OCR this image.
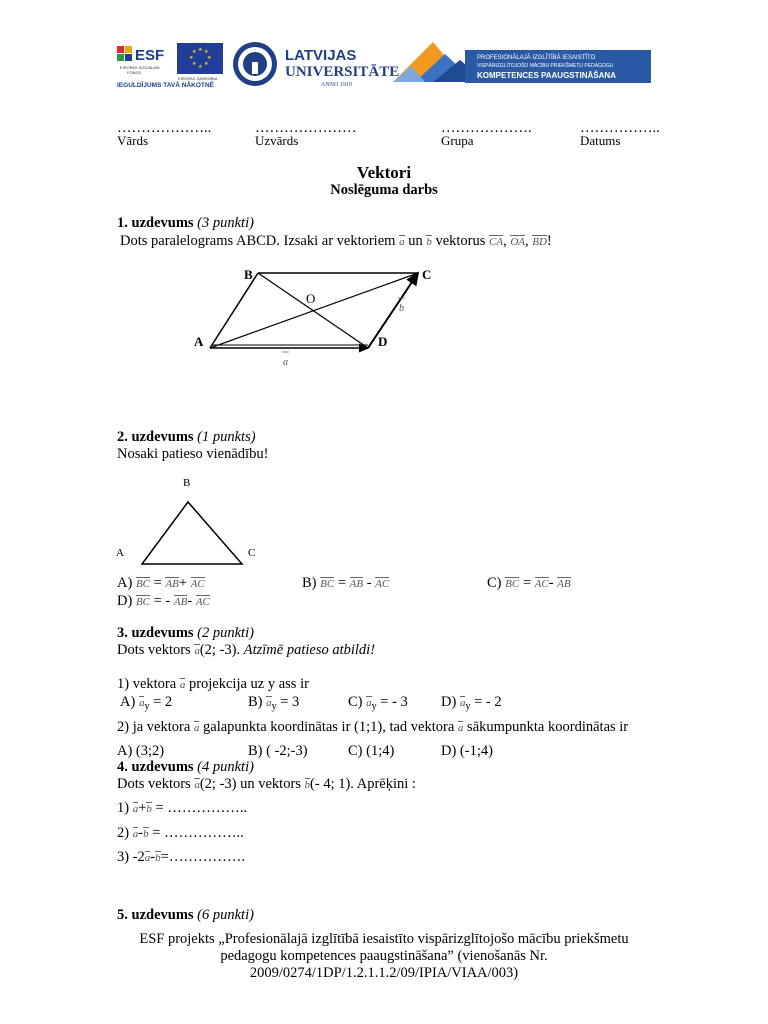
ESF
EIROPAS SOCIĀLAIS
FONDS
★ ★
★
★
★
★
★
★
EIROPAS SAVIENĪBA
IEGULDĪJUMS TAVĀ NĀKOTNĒ
LATVIJAS
UNIVERSITĀTE
ANNO 1919
PROFESIONĀLAJĀ IZGLĪTĪBĀ IESAISTĪTO
VISPĀRIZGLĪTOJOŠO MĀCĪBU PRIEKŠMETU PEDAGOGU
KOMPETENCES PAAUGSTINĀŠANA
………………..
Vārds
…………………
Uzvārds
……………….
Grupa
……………..
Datums
Vektori
Noslēguma darbs
1. uzdevums (3 punkti)
Dots paralelograms ABCD. Izsaki ar vektoriem a un b vektorus CA, OA, BD!
B	C
A	D
O
b
a
2. uzdevums (1 punkts)
Nosaki patieso vienādību!
B
A	C
A) BC = AB+ AC	B) BC = AB - AC	C) BC = AC- AB
D) BC = - AB- AC
3. uzdevums (2 punkti)
Dots vektors a(2; -3). Atzīmē patieso atbildi!
1) vektora a projekcija uz y ass ir
A) $a_y = 2$	B) $a_y = 3$	C) $a_y$ = - 3 D) $a_y$ = - 2
2) ja vektora a galapunkta koordinātas ir (1;1), tad vektora a sākumpunkta koordinātas ir
A) (3;2)	B) ( -2;-3)	C) (1;4)	D) (-1;4)
4. uzdevums (4 punkti)
Dots vektors a(2; -3) un vektors b(- 4; 1). Aprēķini :
1) a+b = ……………..
2) a-b = ……………..
3) -2a-b=…………….
5. uzdevums (6 punkti)
ESF projekts „Profesionālajā izglītībā iesaistīto vispārizglītojošo mācību priekšmetu
pedagogu kompetences paaugstināšana” (vienošanās Nr.
2009/0274/1DP/1.2.1.1.2/09/IPIA/VIAA/003)
